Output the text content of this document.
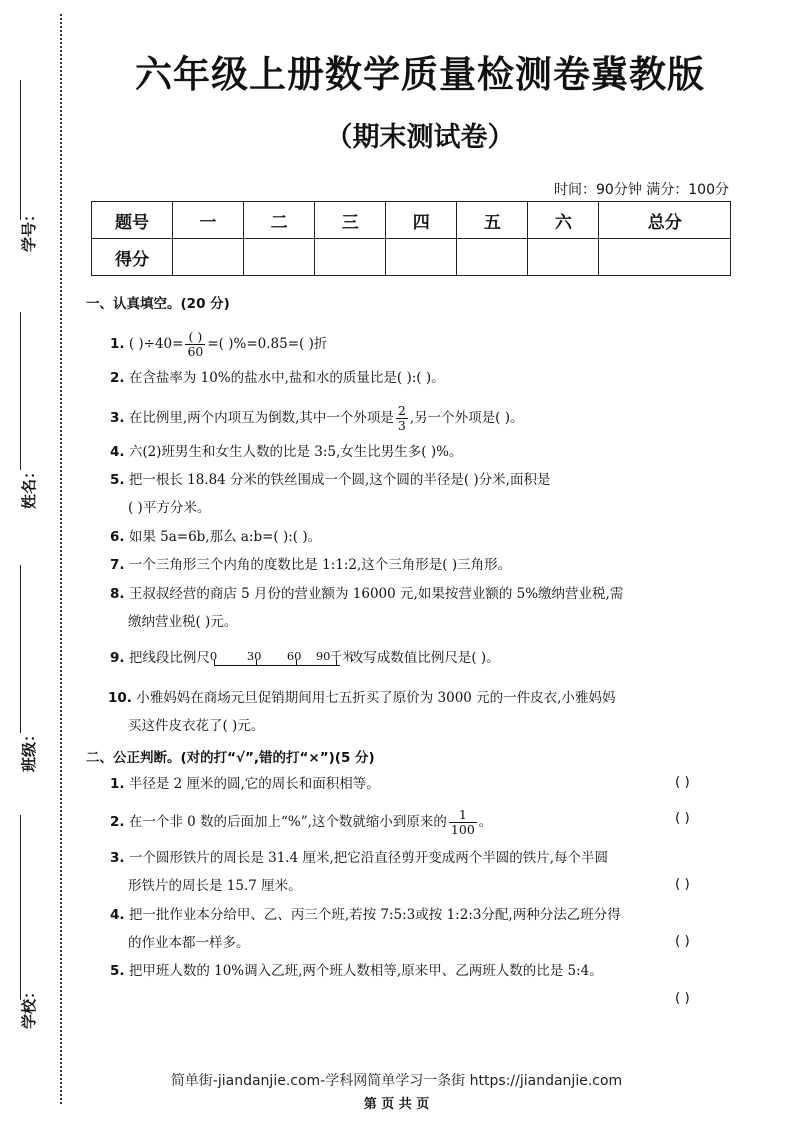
学号：
姓名：
班级：
学校：
六年级上册数学质量检测卷冀教版
（期末测试卷）
时间：90分钟 满分：100分
题号	一	二	三	四	五	六	总分
得分							
一、认真填空。(20 分)
1. ( )$\div 40= \frac{( )}{60}$ =( )%=0.85=( )折
2. 在含盐率为 10%的盐水中,盐和水的质量比是( ):( )。
3. 在比例里,两个内项互为倒数,其中一个外项是 $\frac{2}{3}$ ,另一个外项是( )。
4. 六(2)班男生和女生人数的比是 3:5,女生比男生多( )%。
5. 把一根长 18.84 分米的铁丝围成一个圆,这个圆的半径是( )分米,面积是
( )平方分米。
6. 如果 5a=6b,那么 a:b=( ):( )。
7. 一个三角形三个内角的度数比是 1:1:2,这个三角形是( )三角形。
8. 王叔叔经营的商店 5 月份的营业额为 16000 元,如果按营业额的 5%缴纳营业税,需
缴纳营业税( )元。
9. 把线段比例尺 0	30 60 90千米
改写成数值比例尺是( )。
10. 小雅妈妈在商场元旦促销期间用七五折买了原价为 3000 元的一件皮衣,小雅妈妈
买这件皮衣花了( )元。
二、公正判断。(对的打“√”,错的打“×”)(5 分)
1. 半径是 2 厘米的圆,它的周长和面积相等。	( )
2. 在一个非 0 数的后面加上“%”,这个数就缩小到原来的 $\frac{1}{100}$ 。	( )
3. 一个圆形铁片的周长是 31.4 厘米,把它沿直径剪开变成两个半圆的铁片,每个半圆
形铁片的周长是 15.7 厘米。	( )
4. 把一批作业本分给甲、乙、丙三个班,若按 7:5:3或按 1:2:3分配,两种分法乙班分得
的作业本都一样多。	( )
5. 把甲班人数的 10%调入乙班,两个班人数相等,原来甲、乙两班人数的比是 5:4。
( )
简单街-jiandanjie.com-学科网简单学习一条街 https://jiandanjie.com
第 页 共 页
